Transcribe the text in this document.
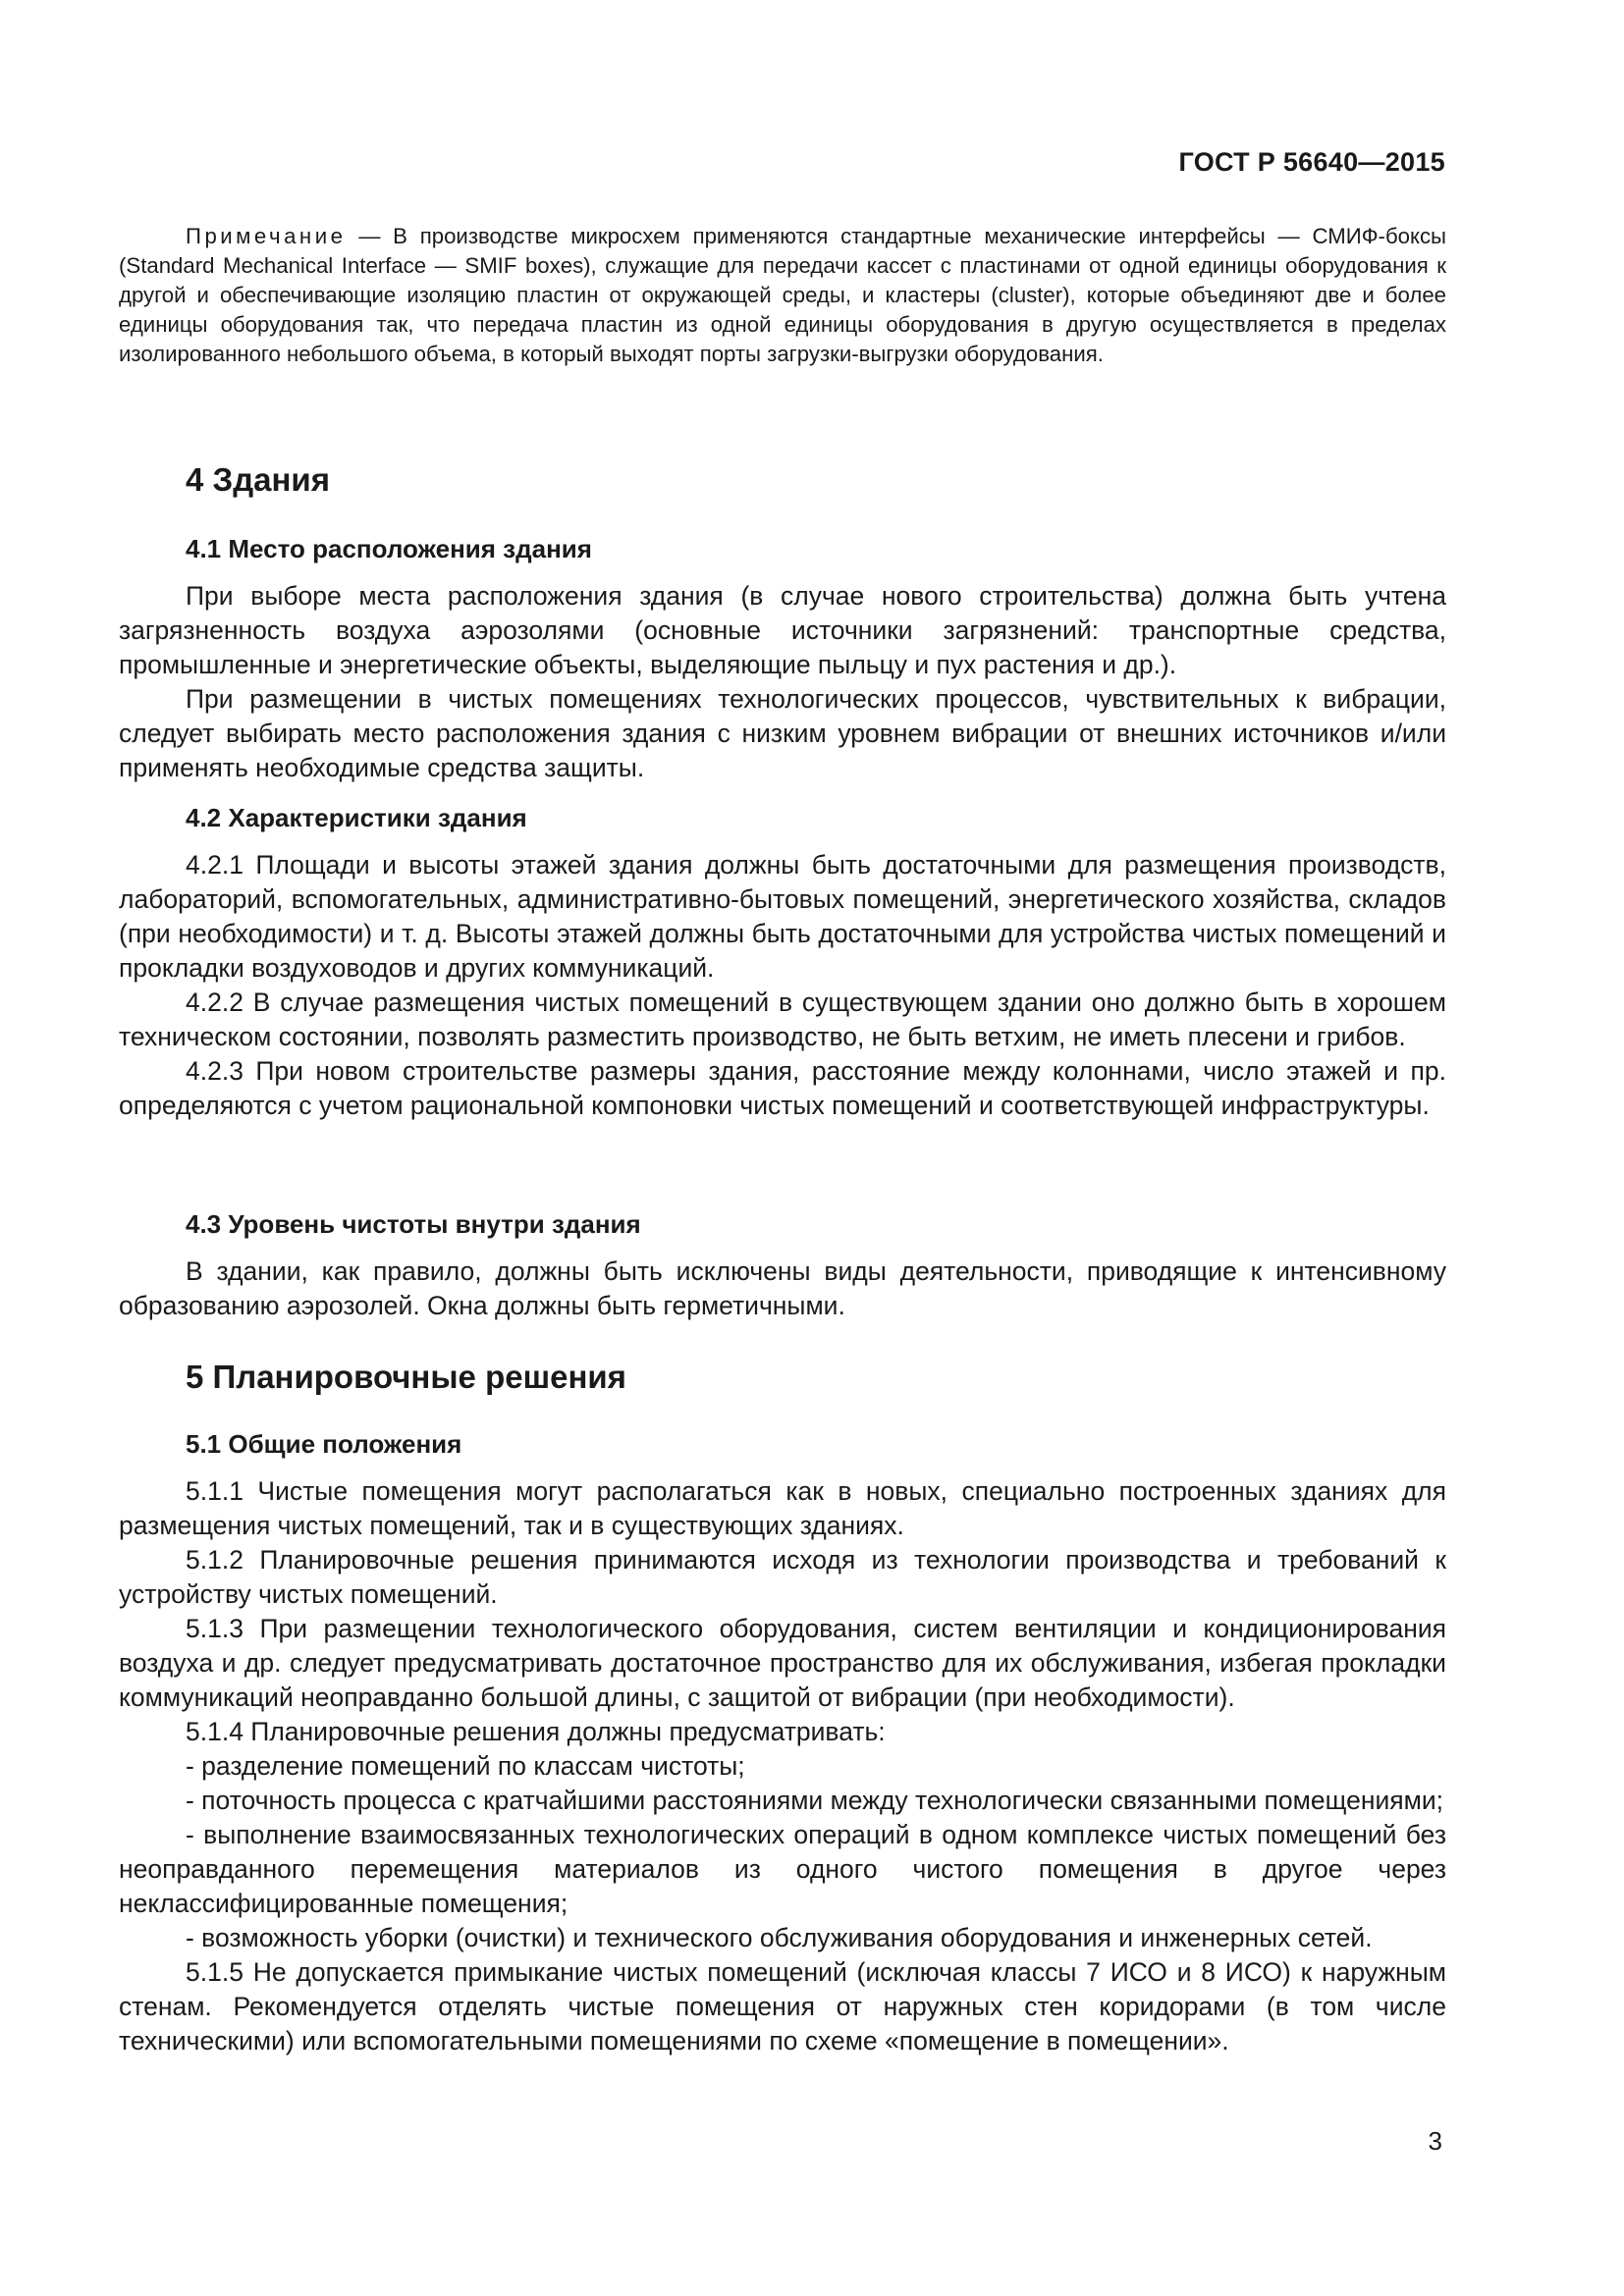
ГОСТ Р 56640—2015
Примечание — В производстве микросхем применяются стандартные механические интерфейсы — СМИФ-боксы (Standard Mechanical Interface — SMIF boxes), служащие для передачи кассет с пластинами от одной единицы оборудования к другой и обеспечивающие изоляцию пластин от окружающей среды, и кластеры (cluster), которые объединяют две и более единицы оборудования так, что передача пластин из одной единицы оборудования в другую осуществляется в пределах изолированного небольшого объема, в который выходят порты загрузки-выгрузки оборудования.
4 Здания
4.1 Место расположения здания

При выборе места расположения здания (в случае нового строительства) должна быть учтена загрязненность воздуха аэрозолями (основные источники загрязнений: транспортные средства, промышленные и энергетические объекты, выделяющие пыльцу и пух растения и др.).

При размещении в чистых помещениях технологических процессов, чувствительных к вибрации, следует выбирать место расположения здания с низким уровнем вибрации от внешних источников и/или применять необходимые средства защиты.

4.2 Характеристики здания

4.2.1 Площади и высоты этажей здания должны быть достаточными для размещения производств, лабораторий, вспомогательных, административно-бытовых помещений, энергетического хозяйства, складов (при необходимости) и т. д. Высоты этажей должны быть достаточными для устройства чистых помещений и прокладки воздуховодов и других коммуникаций.

4.2.2 В случае размещения чистых помещений в существующем здании оно должно быть в хорошем техническом состоянии, позволять разместить производство, не быть ветхим, не иметь плесени и грибов.

4.2.3 При новом строительстве размеры здания, расстояние между колоннами, число этажей и пр. определяются с учетом рациональной компоновки чистых помещений и соответствующей инфраструктуры.

4.3 Уровень чистоты внутри здания

В здании, как правило, должны быть исключены виды деятельности, приводящие к интенсивному образованию аэрозолей. Окна должны быть герметичными.

5 Планировочные решения
5.1 Общие положения

5.1.1 Чистые помещения могут располагаться как в новых, специально построенных зданиях для размещения чистых помещений, так и в существующих зданиях.

5.1.2 Планировочные решения принимаются исходя из технологии производства и требований к устройству чистых помещений.

5.1.3 При размещении технологического оборудования, систем вентиляции и кондиционирования воздуха и др. следует предусматривать достаточное пространство для их обслуживания, избегая прокладки коммуникаций неоправданно большой длины, с защитой от вибрации (при необходимости).

5.1.4 Планировочные решения должны предусматривать:

- разделение помещений по классам чистоты;

- поточность процесса с кратчайшими расстояниями между технологически связанными помещениями;

- выполнение взаимосвязанных технологических операций в одном комплексе чистых помещений без неоправданного перемещения материалов из одного чистого помещения в другое через неклассифицированные помещения;

- возможность уборки (очистки) и технического обслуживания оборудования и инженерных сетей.

5.1.5 Не допускается примыкание чистых помещений (исключая классы 7 ИСО и 8 ИСО) к наружным стенам. Рекомендуется отделять чистые помещения от наружных стен коридорами (в том числе техническими) или вспомогательными помещениями по схеме «помещение в помещении».

3
